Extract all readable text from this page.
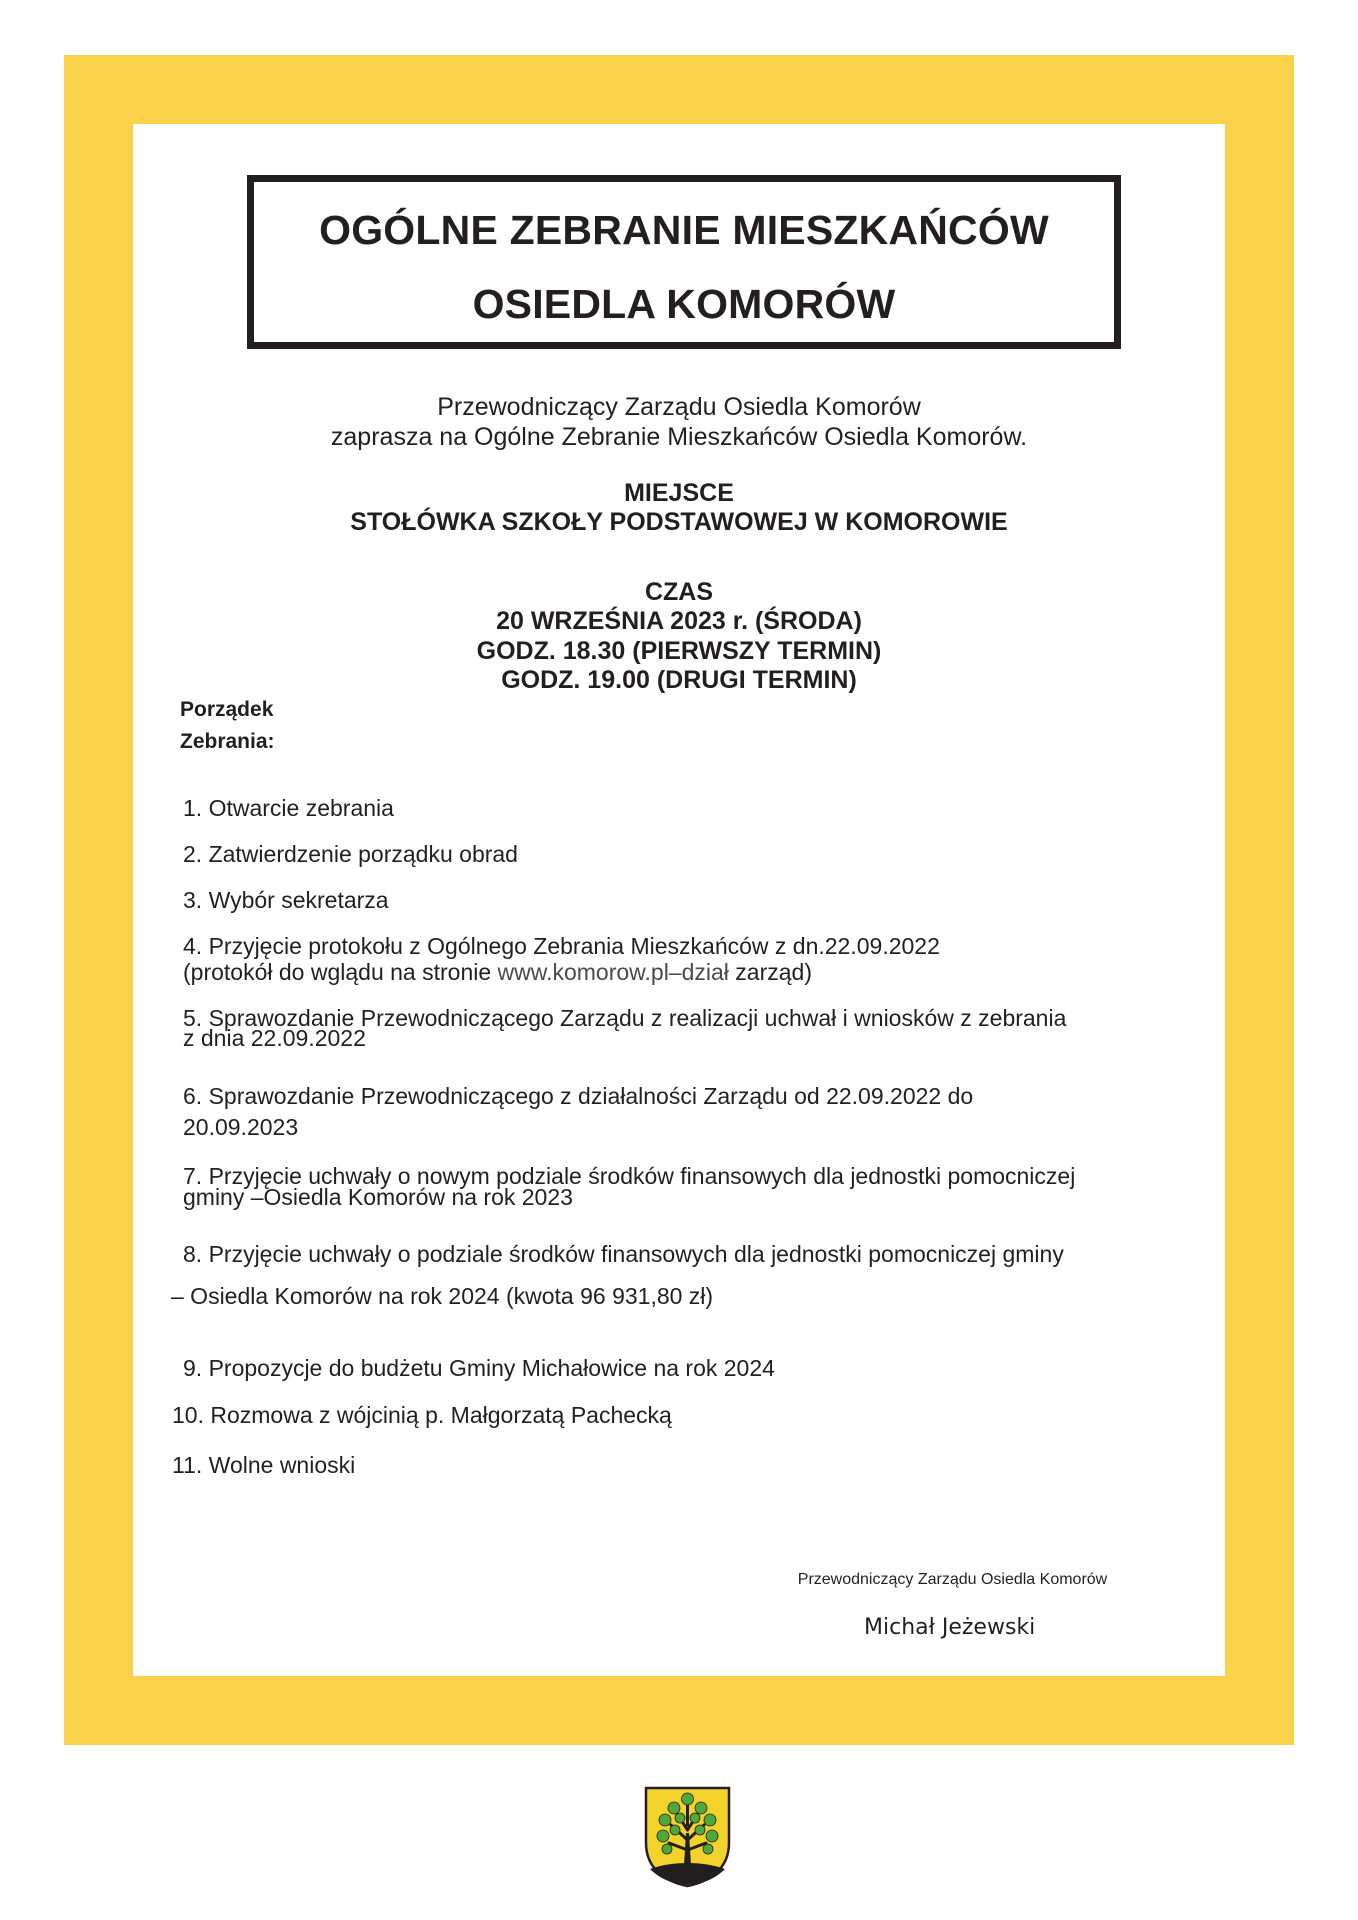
OGÓLNE ZEBRANIE MIESZKAŃCÓW
OSIEDLA KOMORÓW
Przewodniczący Zarządu Osiedla Komorów
zaprasza na Ogólne Zebranie Mieszkańców Osiedla Komorów.
MIEJSCE
STOŁÓWKA SZKOŁY PODSTAWOWEJ W KOMOROWIE
CZAS
20 WRZEŚNIA 2023 r. (ŚRODA)
GODZ. 18.30 (PIERWSZY TERMIN)
GODZ. 19.00 (DRUGI TERMIN)
Porządek
Zebrania:
1. Otwarcie zebrania
2. Zatwierdzenie porządku obrad
3. Wybór sekretarza
4. Przyjęcie protokołu z Ogólnego Zebrania Mieszkańców z dn.22.09.2022
(protokół do wglądu na stronie www.komorow.pl–dział zarząd)
5. Sprawozdanie Przewodniczącego Zarządu z realizacji uchwał i wniosków z zebrania
z dnia 22.09.2022
6. Sprawozdanie Przewodniczącego z działalności Zarządu od 22.09.2022 do
20.09.2023
7. Przyjęcie uchwały o nowym podziale środków finansowych dla jednostki pomocniczej
gminy –Osiedla Komorów na rok 2023
8. Przyjęcie uchwały o podziale środków finansowych dla jednostki pomocniczej gminy
– Osiedla Komorów na rok 2024 (kwota 96 931,80 zł)
9. Propozycje do budżetu Gminy Michałowice na rok 2024
10. Rozmowa z wójcinią p. Małgorzatą Pachecką
11. Wolne wnioski
Przewodniczący Zarządu Osiedla Komorów
Michał Jeżewski
